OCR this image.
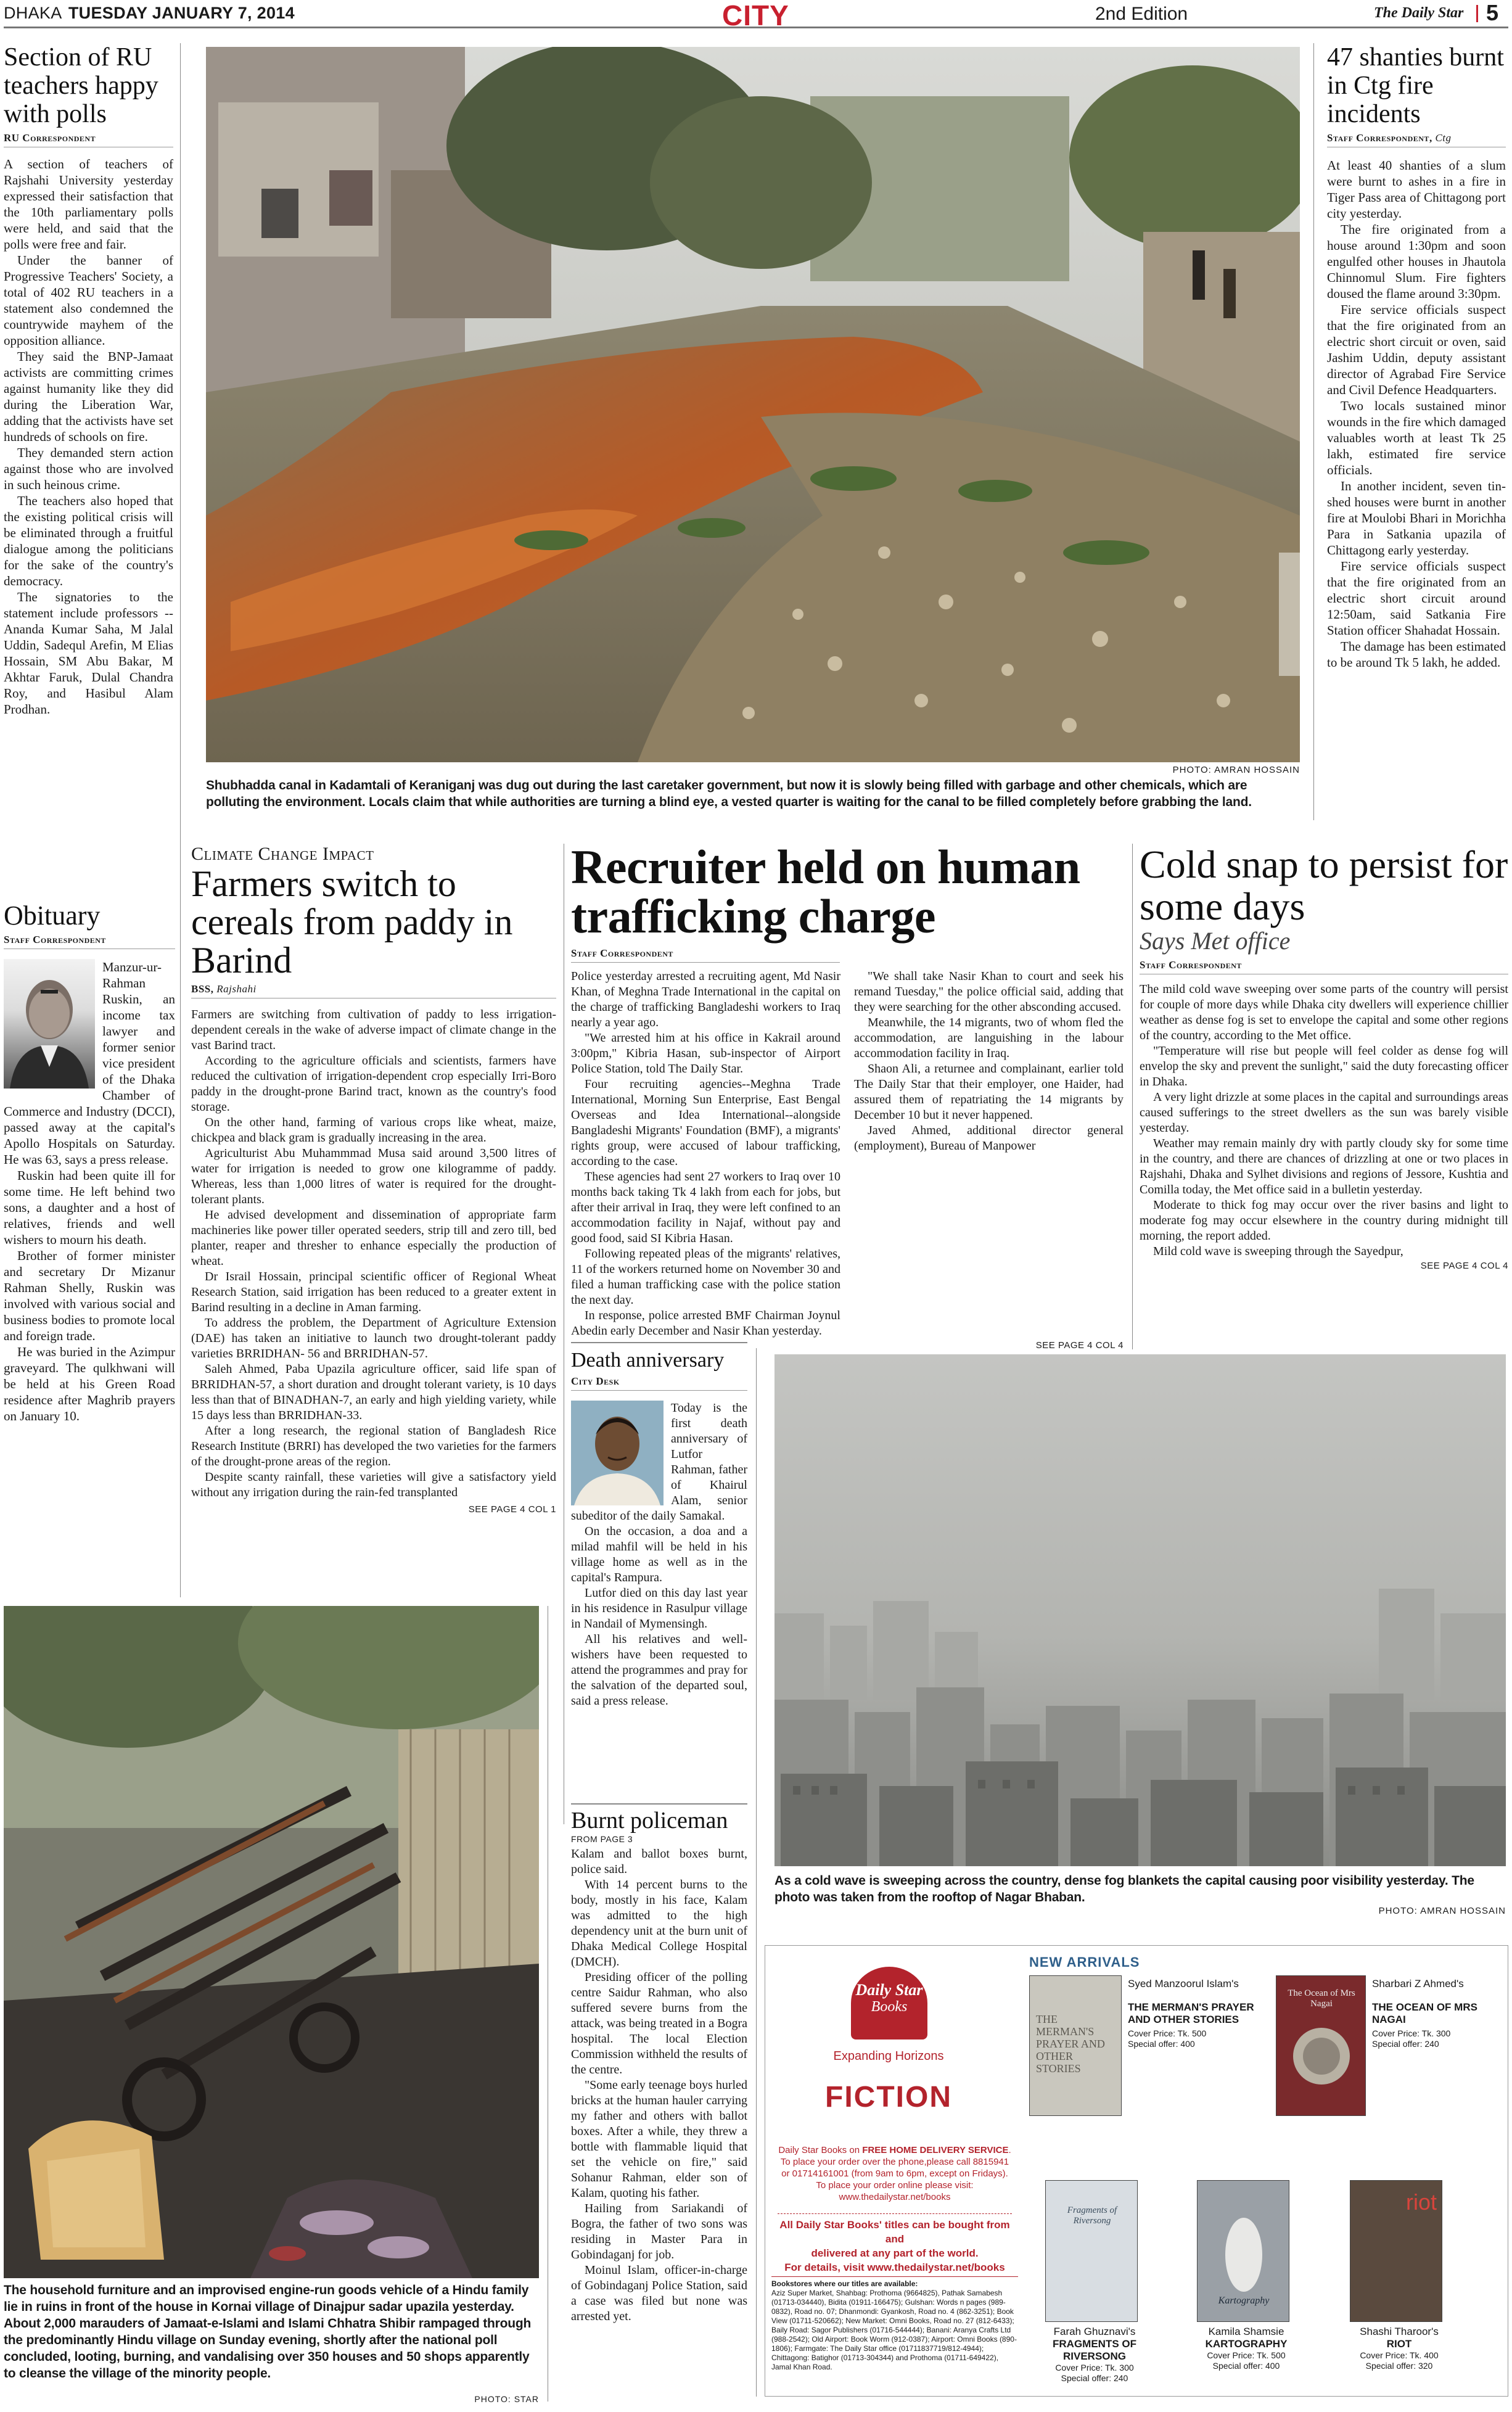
DHAKA TUESDAY JANUARY 7, 2014	CITY	2nd Edition	The Daily Star 5
Section of RU teachers happy with polls
RU Correspondent

A section of teachers of Rajshahi University yesterday expressed their satisfaction that the 10th parliamentary polls were held, and said that the polls were free and fair.

Under the banner of Progressive Teachers' Society, a total of 402 RU teachers in a statement also condemned the countrywide mayhem of the opposition alliance.

They said the BNP-Jamaat activists are committing crimes against humanity like they did during the Liberation War, adding that the activists have set hundreds of schools on fire.

They demanded stern action against those who are involved in such heinous crime.

The teachers also hoped that the existing political crisis will be eliminated through a fruitful dialogue among the politicians for the sake of the country's democracy.

The signatories to the statement include professors -- Ananda Kumar Saha, M Jalal Uddin, Sadequl Arefin, M Elias Hossain, SM Abu Bakar, M Akhtar Faruk, Dulal Chandra Roy, and Hasibul Alam Prodhan.

Obituary
Staff Correspondent

Manzur-ur-Rahman Ruskin, an income tax lawyer and former senior vice president of the Dhaka Chamber of Commerce and Industry (DCCI), passed away at the capital's Apollo Hospitals on Saturday. He was 63, says a press release.

Ruskin had been quite ill for some time. He left behind two sons, a daughter and a host of relatives, friends and well wishers to mourn his death.

Brother of former minister and secretary Dr Mizanur Rahman Shelly, Ruskin was involved with various social and business bodies to promote local and foreign trade.

He was buried in the Azimpur graveyard. The qulkhwani will be held at his Green Road residence after Maghrib prayers on January 10.

PHOTO: AMRAN HOSSAIN
Shubhadda canal in Kadamtali of Keraniganj was dug out during the last caretaker government, but now it is slowly being filled with garbage and other chemicals, which are polluting the environment. Locals claim that while authorities are turning a blind eye, a vested quarter is waiting for the canal to be filled completely before grabbing the land.
47 shanties burnt in Ctg fire incidents
Staff Correspondent, Ctg

At least 40 shanties of a slum were burnt to ashes in a fire in Tiger Pass area of Chittagong port city yesterday.

The fire originated from a house around 1:30pm and soon engulfed other houses in Jhautola Chinnomul Slum. Fire fighters doused the flame around 3:30pm.

Fire service officials suspect that the fire originated from an electric short circuit or oven, said Jashim Uddin, deputy assistant director of Agrabad Fire Service and Civil Defence Headquarters.

Two locals sustained minor wounds in the fire which damaged valuables worth at least Tk 25 lakh, estimated fire service officials.

In another incident, seven tin-shed houses were burnt in another fire at Moulobi Bhari in Morichha Para in Satkania upazila of Chittagong early yesterday.

Fire service officials suspect that the fire originated from an electric short circuit around 12:50am, said Satkania Fire Station officer Shahadat Hossain.

The damage has been estimated to be around Tk 5 lakh, he added.

Climate Change Impact
Farmers switch to cereals from paddy in Barind
BSS, Rajshahi

Farmers are switching from cultivation of paddy to less irrigation-dependent cereals in the wake of adverse impact of climate change in the vast Barind tract.

According to the agriculture officials and scientists, farmers have reduced the cultivation of irrigation-dependent crop especially Irri-Boro paddy in the drought-prone Barind tract, known as the country's food storage.

On the other hand, farming of various crops like wheat, maize, chickpea and black gram is gradually increasing in the area.

Agriculturist Abu Muhammmad Musa said around 3,500 litres of water for irrigation is needed to grow one kilogramme of paddy. Whereas, less than 1,000 litres of water is required for the drought-tolerant plants.

He advised development and dissemination of appropriate farm machineries like power tiller operated seeders, strip till and zero till, bed planter, reaper and thresher to enhance especially the production of wheat.

Dr Israil Hossain, principal scientific officer of Regional Wheat Research Station, said irrigation has been reduced to a greater extent in Barind resulting in a decline in Aman farming.

To address the problem, the Department of Agriculture Extension (DAE) has taken an initiative to launch two drought-tolerant paddy varieties BRRIDHAN- 56 and BRRIDHAN-57.

Saleh Ahmed, Paba Upazila agriculture officer, said life span of BRRIDHAN-57, a short duration and drought tolerant variety, is 10 days less than that of BINADHAN-7, an early and high yielding variety, while 15 days less than BRRIDHAN-33.

After a long research, the regional station of Bangladesh Rice Research Institute (BRRI) has developed the two varieties for the farmers of the drought-prone areas of the region.

Despite scanty rainfall, these varieties will give a satisfactory yield without any irrigation during the rain-fed transplanted

SEE PAGE 4 COL 1
Recruiter held on human trafficking charge
Staff Correspondent

Police yesterday arrested a recruiting agent, Md Nasir Khan, of Meghna Trade International in the capital on the charge of trafficking Bangladeshi workers to Iraq nearly a year ago.

"We arrested him at his office in Kakrail around 3:00pm," Kibria Hasan, sub-inspector of Airport Police Station, told The Daily Star.

Four recruiting agencies--Meghna Trade International, Morning Sun Enterprise, East Bengal Overseas and Idea International--alongside Bangladeshi Migrants' Foundation (BMF), a migrants' rights group, were accused of labour trafficking, according to the case.

These agencies had sent 27 workers to Iraq over 10 months back taking Tk 4 lakh from each for jobs, but after their arrival in Iraq, they were left confined to an accommodation facility in Najaf, without pay and good food, said SI Kibria Hasan.

Following repeated pleas of the migrants' relatives, 11 of the workers returned home on November 30 and filed a human trafficking case with the police station the next day.

In response, police arrested BMF Chairman Joynul Abedin early December and Nasir Khan yesterday.

"We shall take Nasir Khan to court and seek his remand Tuesday," the police official said, adding that they were searching for the other absconding accused.

Meanwhile, the 14 migrants, two of whom fled the accommodation, are languishing in the labour accommodation facility in Iraq.

Shaon Ali, a returnee and complainant, earlier told The Daily Star that their employer, one Haider, had assured them of repatriating the 14 migrants by December 10 but it never happened.

Javed Ahmed, additional director general (employment), Bureau of Manpower

SEE PAGE 4 COL 4
Cold snap to persist for some days
Says Met office
Staff Correspondent

The mild cold wave sweeping over some parts of the country will persist for couple of more days while Dhaka city dwellers will experience chillier weather as dense fog is set to envelope the capital and some other regions of the country, according to the Met office.

"Temperature will rise but people will feel colder as dense fog will envelop the sky and prevent the sunlight," said the duty forecasting officer in Dhaka.

A very light drizzle at some places in the capital and surroundings areas caused sufferings to the street dwellers as the sun was barely visible yesterday.

Weather may remain mainly dry with partly cloudy sky for some time in the country, and there are chances of drizzling at one or two places in Rajshahi, Dhaka and Sylhet divisions and regions of Jessore, Kushtia and Comilla today, the Met office said in a bulletin yesterday.

Moderate to thick fog may occur over the river basins and light to moderate fog may occur elsewhere in the country during midnight till morning, the report added.

Mild cold wave is sweeping through the Sayedpur,

SEE PAGE 4 COL 4
Death anniversary
City Desk

Today is the first death anniversary of Lutfor Rahman, father of Khairul Alam, senior subeditor of the daily Samakal.

On the occasion, a doa and a milad mahfil will be held in his village home as well as in the capital's Rampura.

Lutfor died on this day last year in his residence in Rasulpur village in Nandail of Mymensingh.

All his relatives and well-wishers have been requested to attend the programmes and pray for the salvation of the departed soul, said a press release.

Burnt policeman
FROM PAGE 3

Kalam and ballot boxes burnt, police said.

With 14 percent burns to the body, mostly in his face, Kalam was admitted to the high dependency unit at the burn unit of Dhaka Medical College Hospital (DMCH).

Presiding officer of the polling centre Saidur Rahman, who also suffered severe burns from the attack, was being treated in a Bogra hospital. The local Election Commission withheld the results of the centre.

"Some early teenage boys hurled bricks at the human hauler carrying my father and others with ballot boxes. After a while, they threw a bottle with flammable liquid that set the vehicle on fire," said Sohanur Rahman, elder son of Kalam, quoting his father.

Hailing from Sariakandi of Bogra, the father of two sons was residing in Master Para in Gobindaganj for job.

Moinul Islam, officer-in-charge of Gobindaganj Police Station, said a case was filed but none was arrested yet.

As a cold wave is sweeping across the country, dense fog blankets the capital causing poor visibility yesterday. The photo was taken from the rooftop of Nagar Bhaban.
PHOTO: AMRAN HOSSAIN
The household furniture and an improvised engine-run goods vehicle of a Hindu family lie in ruins in front of the house in Kornai village of Dinajpur sadar upazila yesterday. About 2,000 marauders of Jamaat-e-Islami and Islami Chhatra Shibir rampaged through the predominantly Hindu village on Sunday evening, shortly after the national poll concluded, looting, burning, and vandalising over 350 houses and 50 shops apparently to cleanse the village of the minority people.
PHOTO: STAR
Daily Star
Books
Expanding Horizons
FICTION
Daily Star Books on FREE HOME DELIVERY SERVICE. To place your order over the phone,please call 8815941 or 01714161001 (from 9am to 6pm, except on Fridays). To place your order online please visit: www.thedailystar.net/books
All Daily Star Books' titles can be bought from and
delivered at any part of the world.
For details, visit www.thedailystar.net/books
Bookstores where our titles are available:
Aziz Super Market, Shahbag: Prothoma (9664825), Pathak Samabesh (01713-034440), Bidita (01911-166475); Gulshan: Words n pages (989-0832), Road no. 07; Dhanmondi: Gyankosh, Road no. 4 (862-3251); Book View (01711-520662); New Market: Omni Books, Road no. 27 (812-6433); Baily Road: Sagor Publishers (01716-544444); Banani: Aranya Crafts Ltd (988-2542); Old Airport: Book Worm (912-0387); Airport: Omni Books (890-1806); Farmgate: The Daily Star office (01711837719/812-4944); Chittagong: Batighor (01713-304344) and Prothoma (01711-649422), Jamal Khan Road.
NEW ARRIVALS
THE MERMAN'S PRAYER AND OTHER STORIES
Syed Manzoorul Islam's
THE MERMAN'S PRAYER AND OTHER STORIES
Cover Price: Tk. 500
Special offer: 400
The Ocean of Mrs Nagai
Sharbari Z Ahmed's
THE OCEAN OF MRS NAGAI
Cover Price: Tk. 300
Special offer: 240
Fragments of Riversong
Farah Ghuznavi's
FRAGMENTS OF RIVERSONG
Cover Price: Tk. 300
Special offer: 240
Kartography
Kamila Shamsie
KARTOGRAPHY
Cover Price: Tk. 500
Special offer: 400
riot
Shashi Tharoor's
RIOT
Cover Price: Tk. 400
Special offer: 320
